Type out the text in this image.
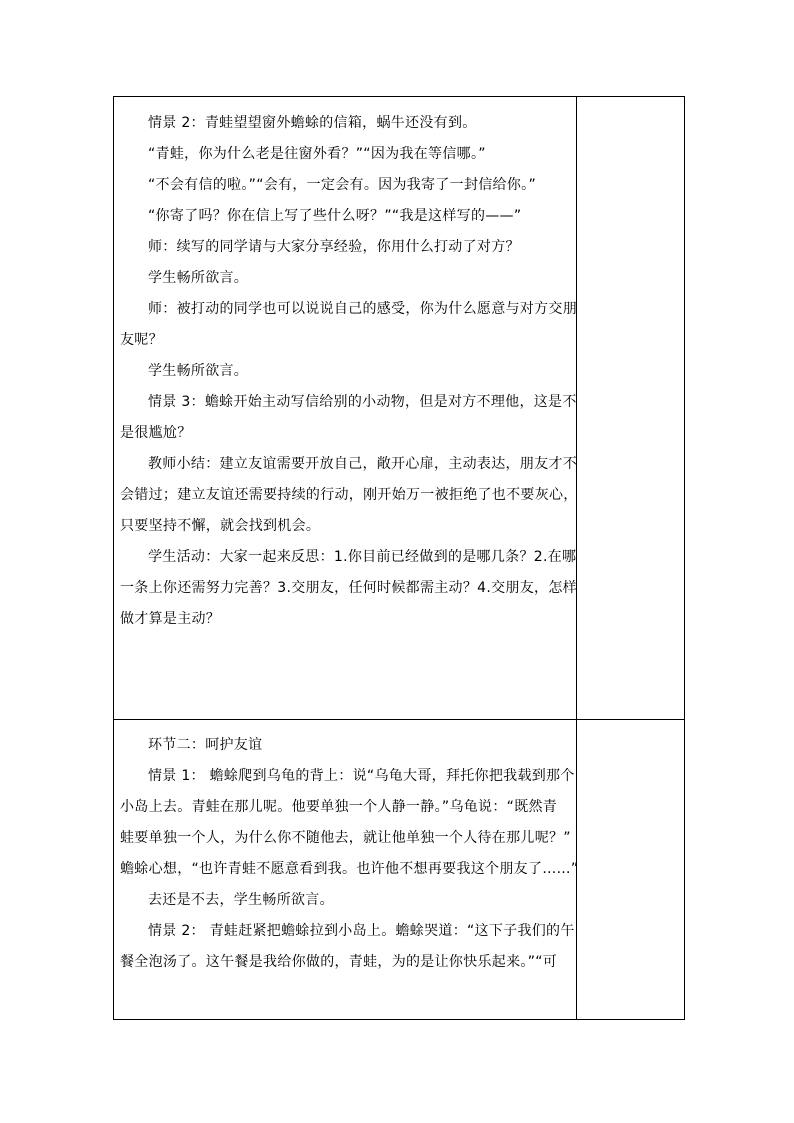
情景 2：青蛙望望窗外蟾蜍的信箱，蜗牛还没有到。

“青蛙，你为什么老是往窗外看？”“因为我在等信哪。”

“不会有信的啦。”“会有，一定会有。因为我寄了一封信给你。”

“你寄了吗？你在信上写了些什么呀？”“我是这样写的——”

师：续写的同学请与大家分享经验，你用什么打动了对方？

学生畅所欲言。

师：被打动的同学也可以说说自己的感受，你为什么愿意与对方交朋

友呢？

学生畅所欲言。

情景 3：蟾蜍开始主动写信给别的小动物，但是对方不理他，这是不

是很尴尬？

教师小结：建立友谊需要开放自己，敞开心扉，主动表达，朋友才不

会错过；建立友谊还需要持续的行动，刚开始万一被拒绝了也不要灰心，

只要坚持不懈，就会找到机会。

学生活动：大家一起来反思：1.你目前已经做到的是哪几条？2.在哪

一条上你还需努力完善？3.交朋友，任何时候都需主动？4.交朋友，怎样

做才算是主动？

环节二：呵护友谊

情景 1： 蟾蜍爬到乌龟的背上：说“乌龟大哥，拜托你把我载到那个

小岛上去。青蛙在那儿呢。他要单独一个人静一静。”乌龟说：“既然青

蛙要单独一个人，为什么你不随他去，就让他单独一个人待在那儿呢？”

蟾蜍心想，“也许青蛙不愿意看到我。也许他不想再要我这个朋友了……”

去还是不去，学生畅所欲言。

情景 2： 青蛙赶紧把蟾蜍拉到小岛上。蟾蜍哭道：“这下子我们的午

餐全泡汤了。这午餐是我给你做的，青蛙，为的是让你快乐起来。”“可
